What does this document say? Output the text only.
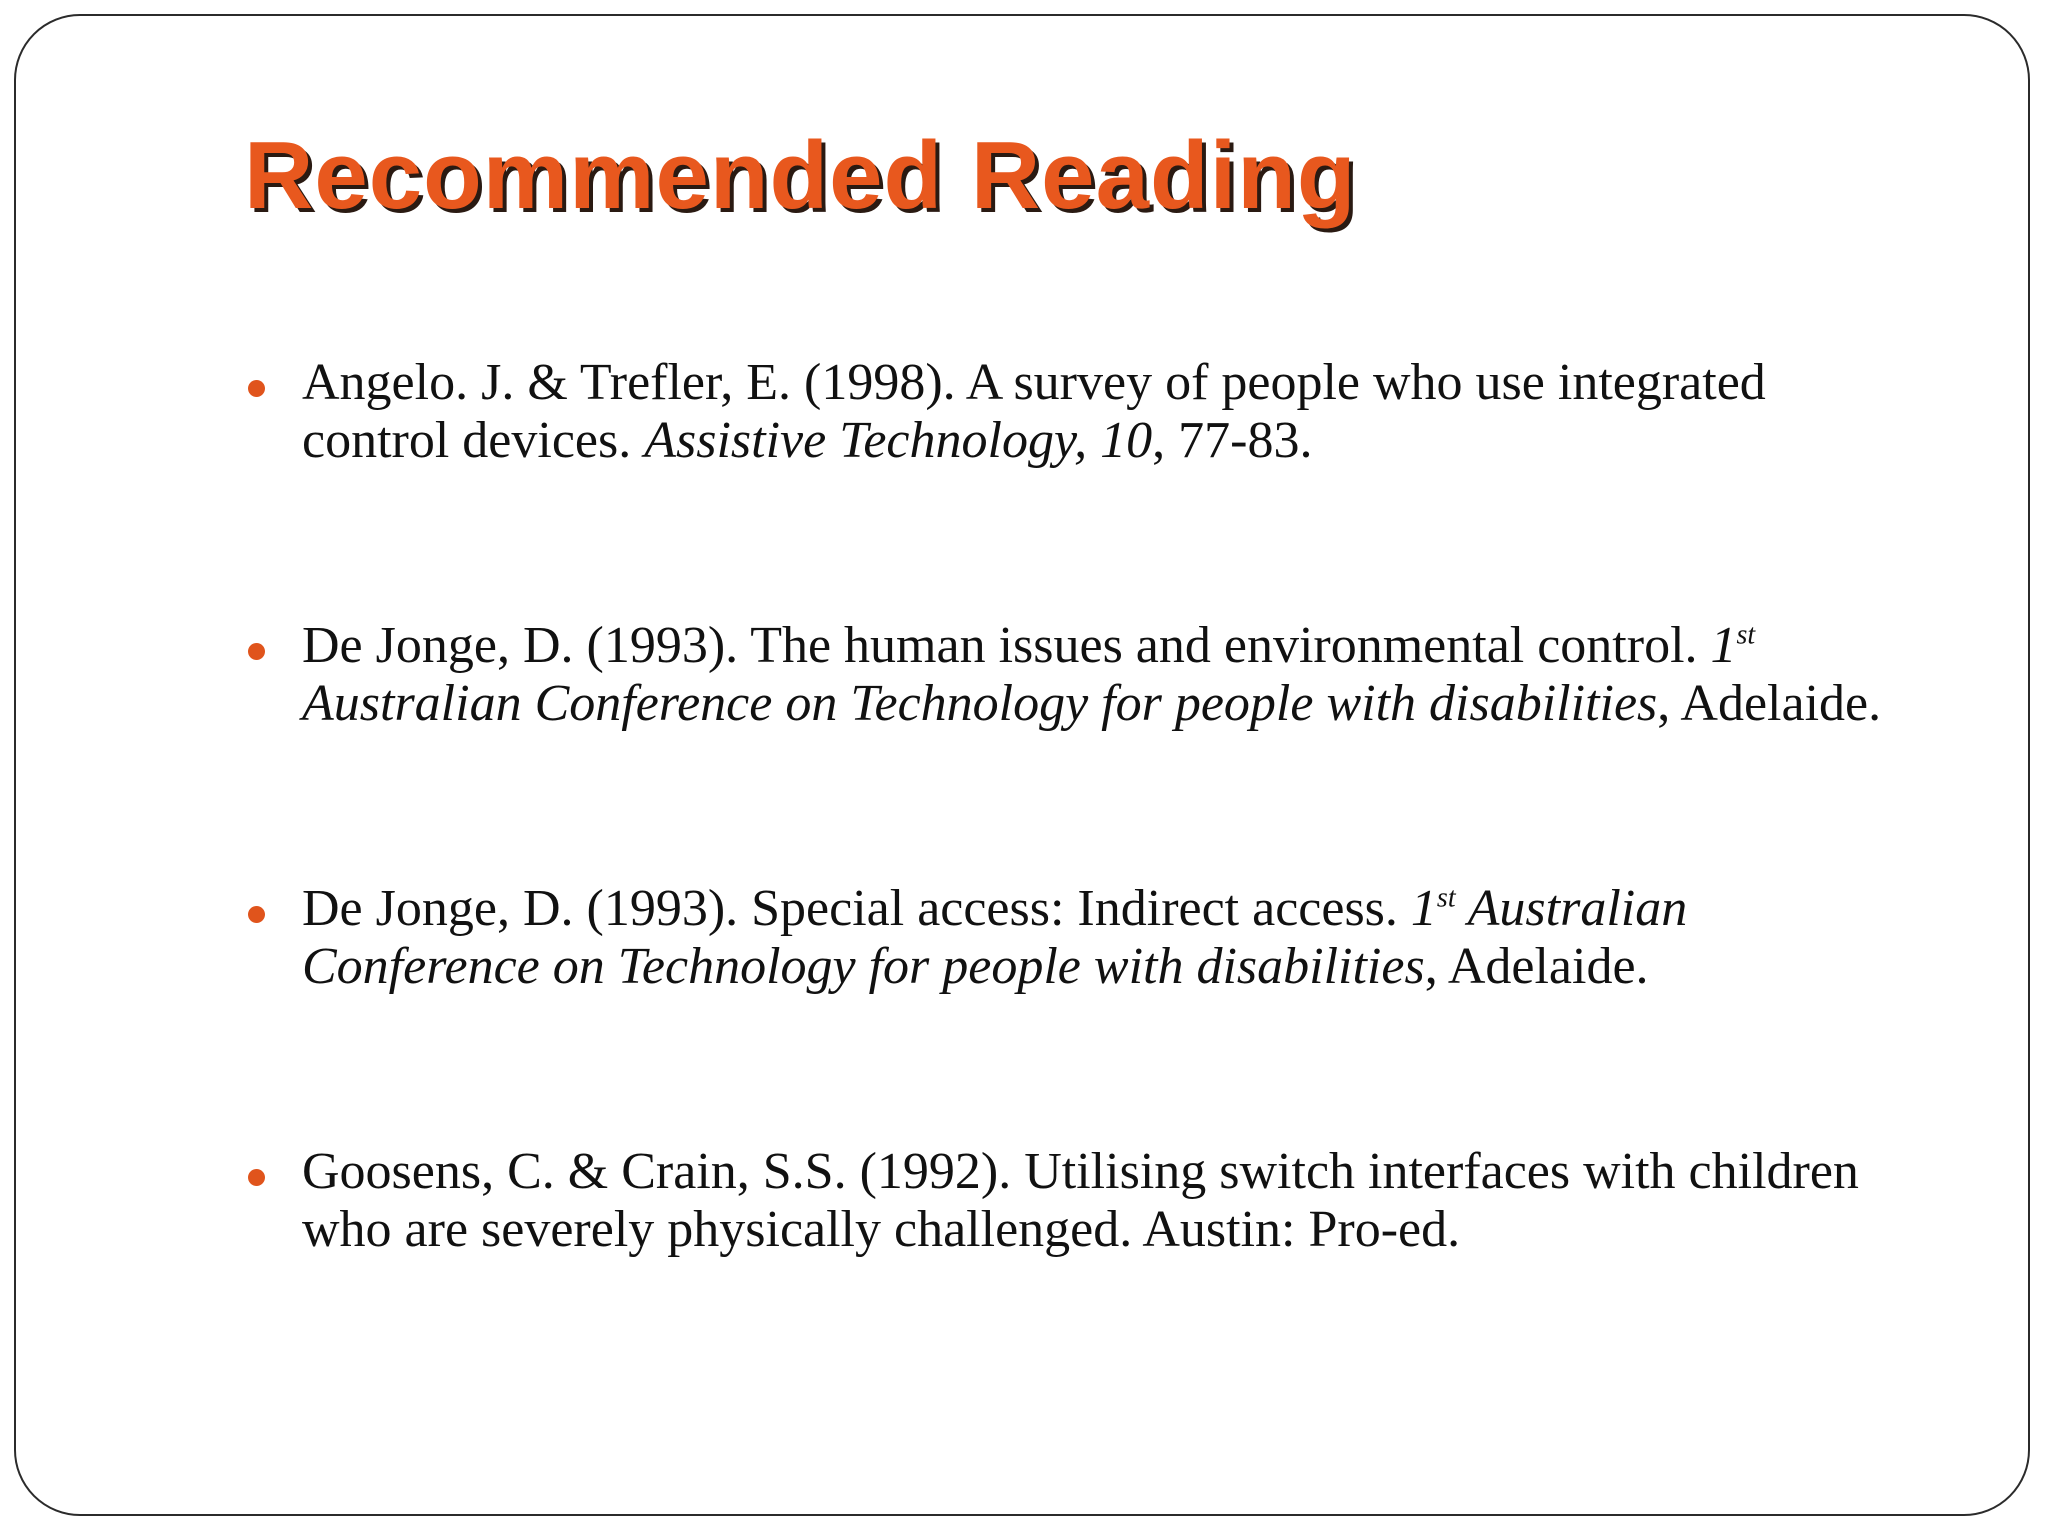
Recommended Reading
Angelo. J. & Trefler, E. (1998). A survey of people who use integrated control devices. Assistive Technology, 10, 77-83.
De Jonge, D. (1993). The human issues and environmental control. 1st Australian Conference on Technology for people with disabilities, Adelaide.
De Jonge, D. (1993). Special access: Indirect access. 1st Australian Conference on Technology for people with disabilities, Adelaide.
Goosens, C. & Crain, S.S. (1992). Utilising switch interfaces with children who are severely physically challenged. Austin: Pro-ed.
